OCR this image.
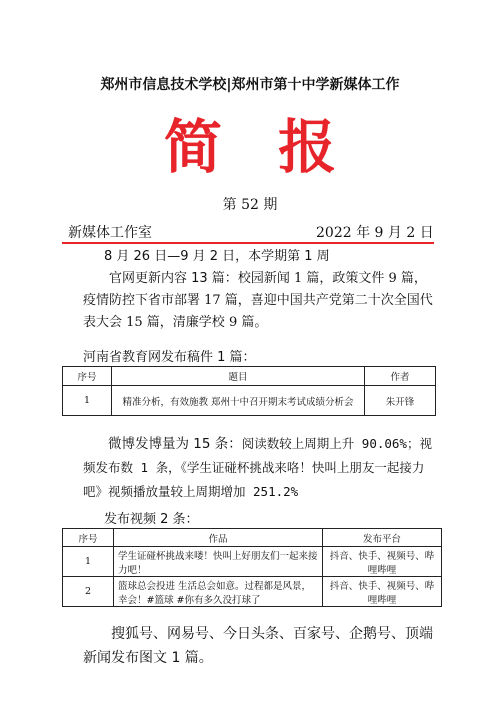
郑州市信息技术学校|郑州市第十中学新媒体工作
简 报
第 52 期
新媒体工作室	2022 年 9 月 2 日
8 月 26 日—9 月 2 日，本学期第 1 周
官网更新内容 13 篇：校园新闻 1 篇，政策文件 9 篇，疫情防控下省市部署 17 篇，喜迎中国共产党第二十次全国代表大会 15 篇，清廉学校 9 篇。
河南省教育网发布稿件 1 篇：
序号	题目	作者
1	精准分析，有效施教 郑州十中召开期末考试成绩分析会	朱开锋
微博发博量为 15 条：阅读数较上周期上升 90.06%；视频发布数 1 条，《学生证碰杯挑战来咯！快叫上朋友一起接力吧》视频播放量较上周期增加 251.2%
发布视频 2 条：
序号	作品	发布平台
1	学生证碰杯挑战来喽！快叫上好朋友们一起来接力吧！	抖音、快手、视频号、哔哩哔哩
2	篮球总会投进 生活总会如意。过程都是风景，幸会！#篮球 #你有多久没打球了	抖音、快手、视频号、哔哩哔哩
搜狐号、网易号、今日头条、百家号、企鹅号、顶端新闻发布图文 1 篇。
